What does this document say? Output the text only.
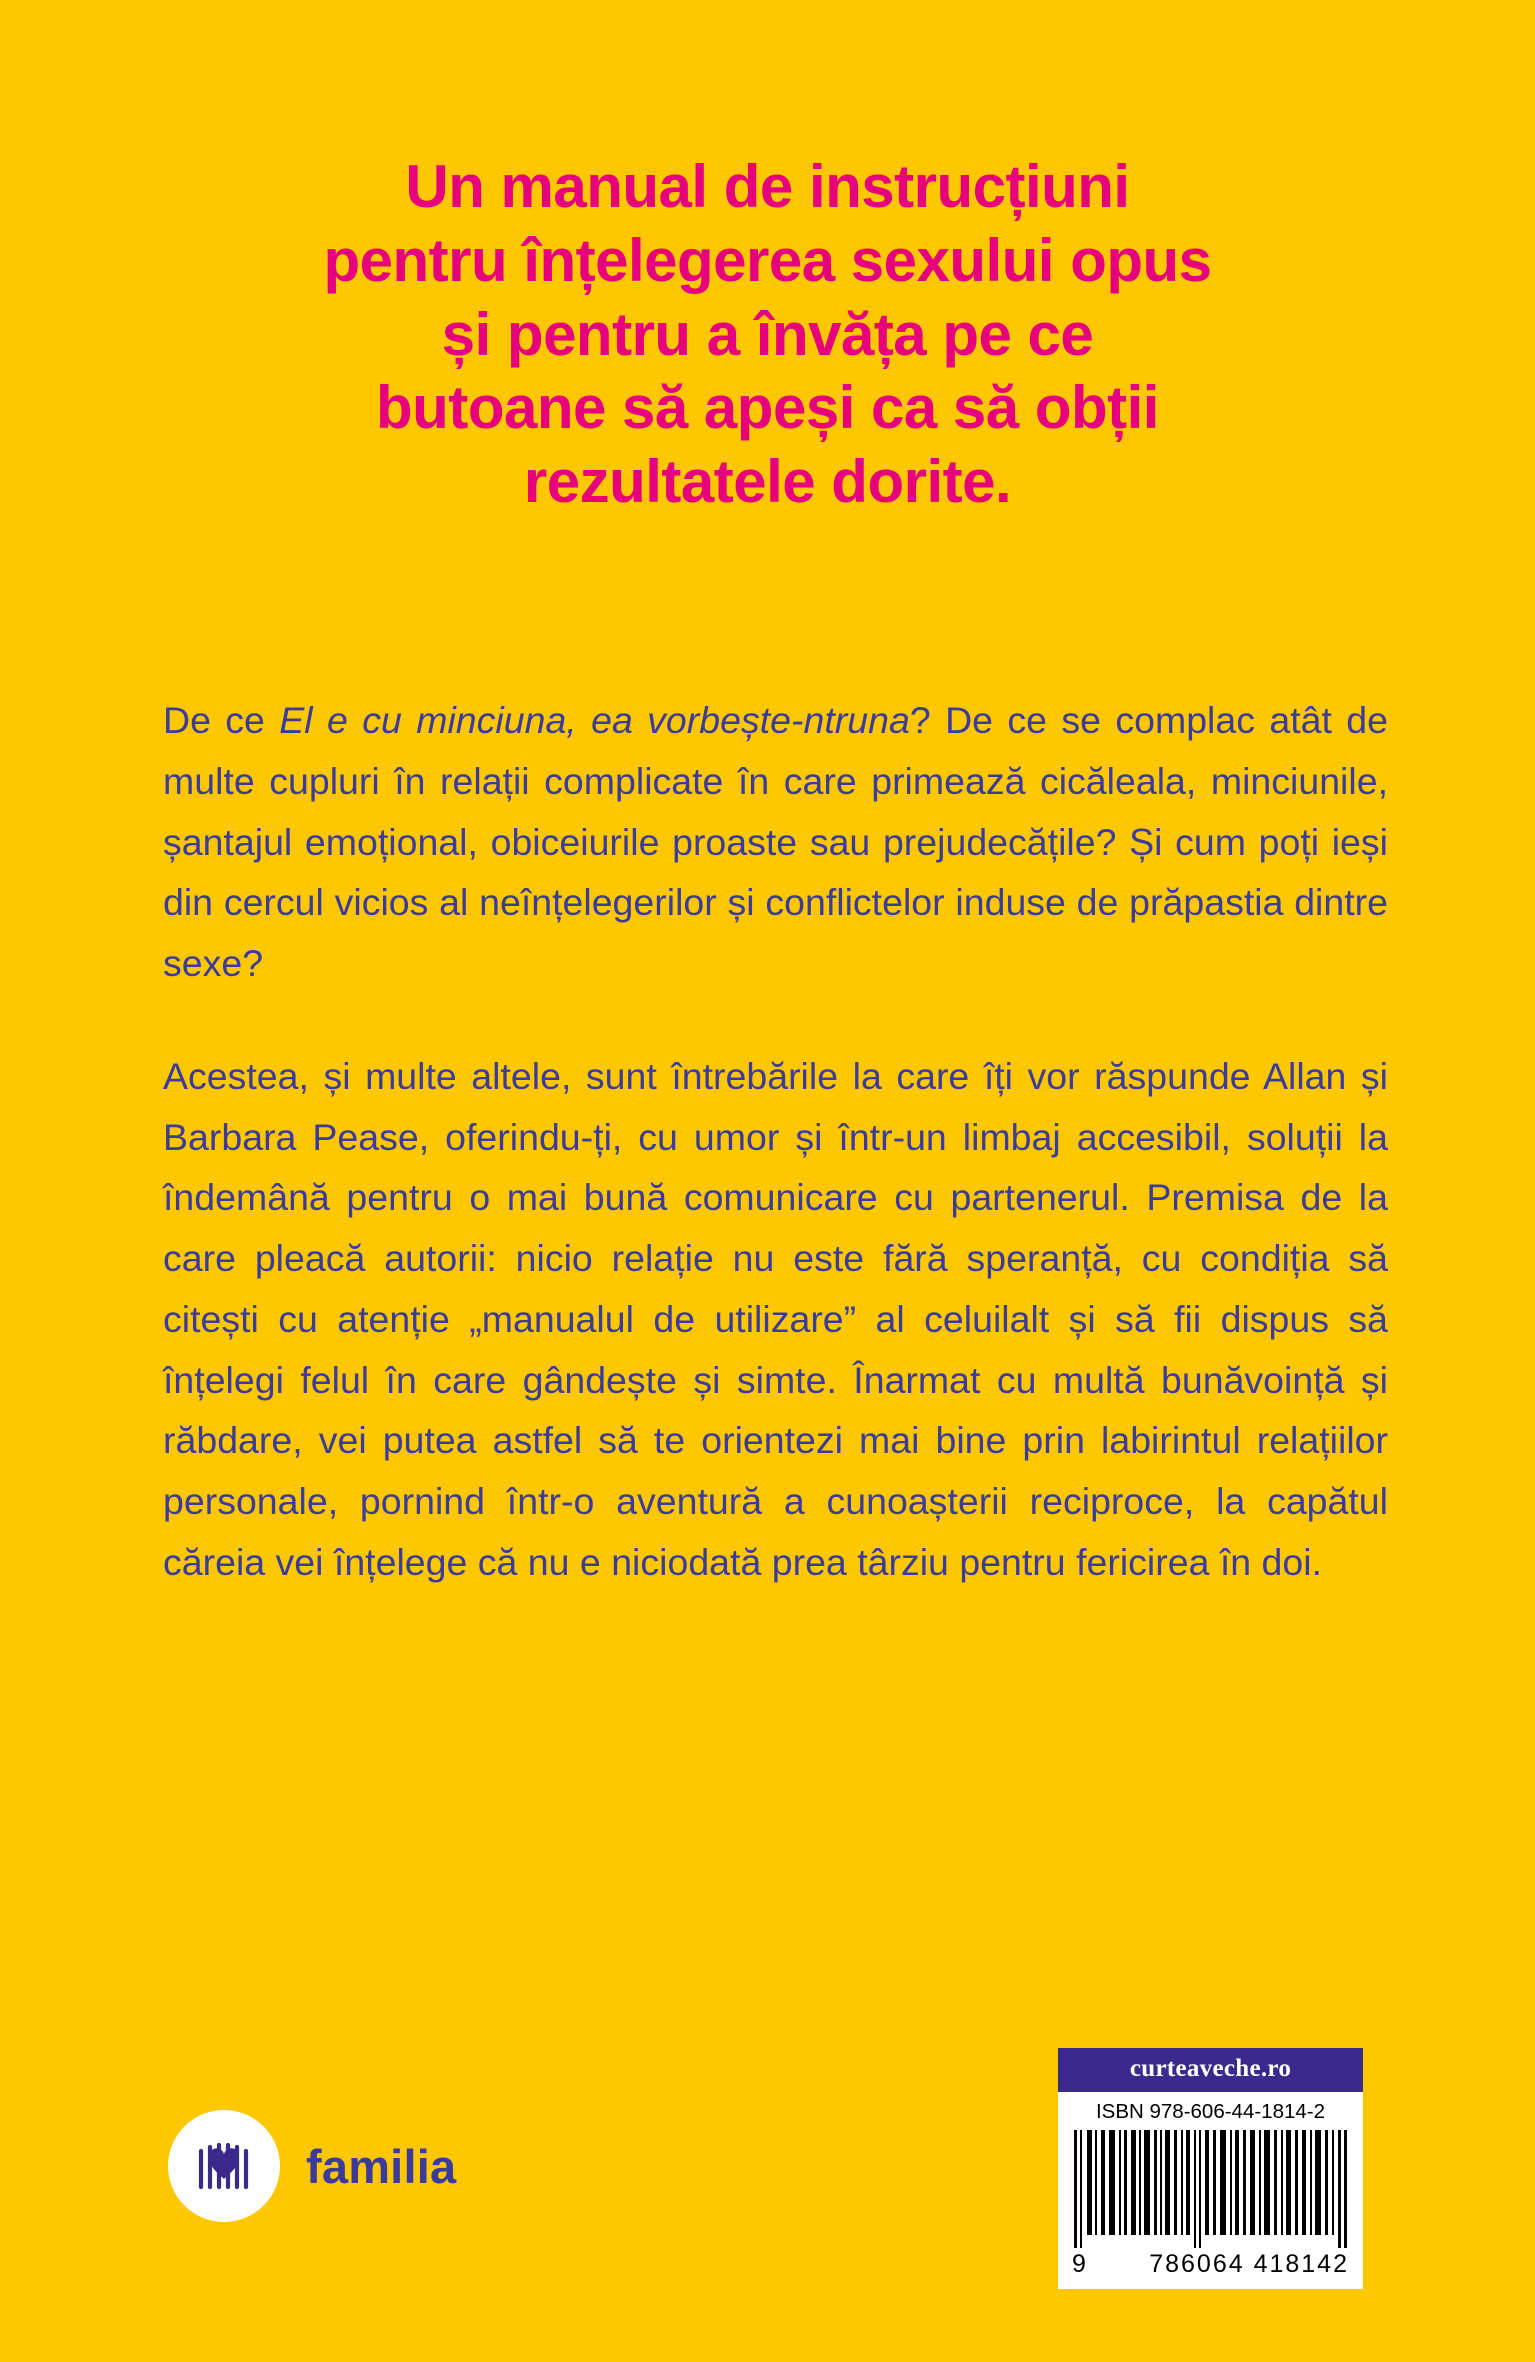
Un manual de instrucțiuni
pentru înțelegerea sexului opus
și pentru a învăța pe ce
butoane să apeși ca să obții
rezultatele dorite.

De ce El e cu minciuna, ea vorbește-ntruna? De ce se complac atât de multe cupluri în relații complicate în care primează cicăleala, minciunile, șantajul emoțional, obiceiurile proaste sau prejudecățile? Și cum poți ieși din cercul vicios al neînțelegerilor și conflictelor induse de prăpastia dintre sexe?

Acestea, și multe altele, sunt întrebările la care îți vor răspunde Allan și Barbara Pease, oferindu-ți, cu umor și într-un limbaj accesibil, soluții la îndemână pentru o mai bună comunicare cu partenerul. Premisa de la care pleacă autorii: nicio relație nu este fără speranță, cu condiția să citești cu atenție „manualul de utilizare” al celuilalt și să fii dispus să înțelegi felul în care gândește și simte. Înarmat cu multă bunăvoință și răbdare, vei putea astfel să te orientezi mai bine prin labirintul relațiilor personale, pornind într-o aventură a cunoașterii reciproce, la capătul căreia vei înțelege că nu e niciodată prea târziu pentru fericirea în doi.

familia
curteaveche.ro
ISBN 978-606-44-1814-2
9 786064 418142
